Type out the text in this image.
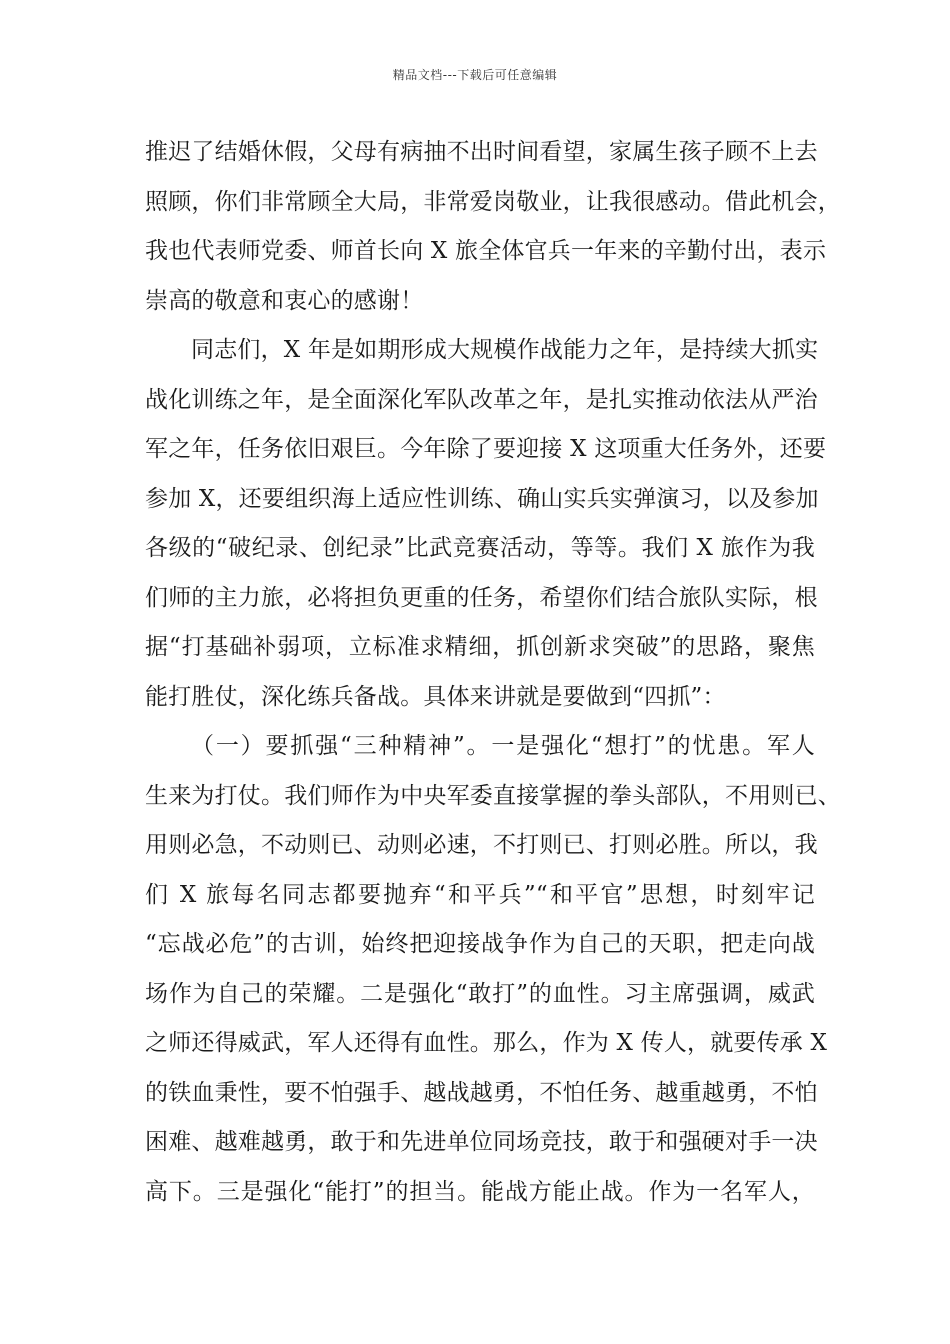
精品文档---下载后可任意编辑
推迟了结婚休假，父母有病抽不出时间看望，家属生孩子顾不上去
照顾，你们非常顾全大局，非常爱岗敬业，让我很感动。借此机会，
我也代表师党委、师首长向 X 旅全体官兵一年来的辛勤付出，表示
崇高的敬意和衷心的感谢！
同志们，X 年是如期形成大规模作战能力之年，是持续大抓实
战化训练之年，是全面深化军队改革之年，是扎实推动依法从严治
军之年，任务依旧艰巨。今年除了要迎接 X 这项重大任务外，还要
参加 X，还要组织海上适应性训练、确山实兵实弹演习，以及参加
各级的“破纪录、创纪录”比武竞赛活动，等等。我们 X 旅作为我
们师的主力旅，必将担负更重的任务，希望你们结合旅队实际，根
据“打基础补弱项，立标准求精细，抓创新求突破”的思路，聚焦
能打胜仗，深化练兵备战。具体来讲就是要做到“四抓”：
（一）要抓强“三种精神”。一是强化“想打”的忧患。军人
生来为打仗。我们师作为中央军委直接掌握的拳头部队，不用则已、
用则必急，不动则已、动则必速，不打则已、打则必胜。所以，我
们 X 旅每名同志都要抛弃“和平兵”“和平官”思想，时刻牢记
“忘战必危”的古训，始终把迎接战争作为自己的天职，把走向战
场作为自己的荣耀。二是强化“敢打”的血性。习主席强调，威武
之师还得威武，军人还得有血性。那么，作为 X 传人，就要传承 X
的铁血秉性，要不怕强手、越战越勇，不怕任务、越重越勇，不怕
困难、越难越勇，敢于和先进单位同场竞技，敢于和强硬对手一决
高下。三是强化“能打”的担当。能战方能止战。作为一名军人，
